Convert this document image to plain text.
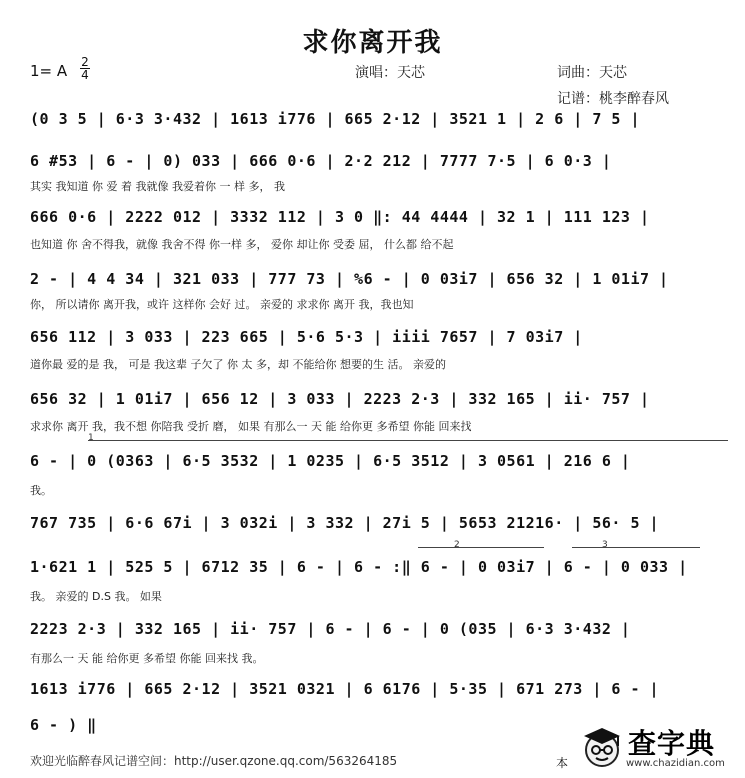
求你离开我
1= A 2
4	演唱：天芯	词曲：天芯
记谱：桃李醉春风
(0 3 5 | 6·3 3·432 | 1613 i776 | 665 2·12 | 3521 1 | 2 6 | 7 5 |
6 #53 | 6 - | 0) 033 | 666 0·6 | 2·2 212 | 7777 7·5 | 6 0·3 |
其实 我知道 你 爱 着 我就像 我爱着你 一 样 多， 我
666 0·6 | 2222 012 | 3332 112 | 3 0 ‖: 44 4444 | 32 1 | 111 123 |
也知道 你 舍不得我，就像 我舍不得 你一样 多， 爱你 却让你 受委 屈， 什么都 给不起
2 - | 4 4 34 | 321 033 | 777 73 | %6 - | 0 03i7 | 656 32 | 1 01i7 |
你， 所以请你 离开我，或许 这样你 会好 过。 亲爱的 求求你 离开 我，我也知
656 112 | 3 033 | 223 665 | 5·6 5·3 | iiii 7657 | 7 03i7 |
道你最 爱的是 我， 可是 我这辈 子欠了 你 太 多，却 不能给你 想要的生 活。 亲爱的
656 32 | 1 01i7 | 656 12 | 3 033 | 2223 2·3 | 332 165 | ii· 757 |
求求你 离开 我，我不想 你陪我 受折 磨， 如果 有那么一 天 能 给你更 多希望 你能 回来找
1
6 - | 0 (0363 | 6·5 3532 | 1 0235 | 6·5 3512 | 3 0561 | 216 6 |
我。
767 735 | 6·6 67i | 3 032i | 3 332 | 27i 5 | 5653 21216· | 56· 5 |
2	3
1·621 1 | 525 5 | 6712 35 | 6 - | 6 - :‖ 6 - | 0 03i7 | 6 - | 0 033 |
我。 亲爱的 D.S 我。 如果
2223 2·3 | 332 165 | ii· 757 | 6 - | 6 - | 0 (035 | 6·3 3·432 |
有那么一 天 能 给你更 多希望 你能 回来找 我。
1613 i776 | 665 2·12 | 3521 0321 | 6 6176 | 5·35 | 671 273 | 6 - |
6 - ) ‖
欢迎光临醉春风记谱空间：http://user.qzone.qq.com/563264185	本
查字典
www.chazidian.com
